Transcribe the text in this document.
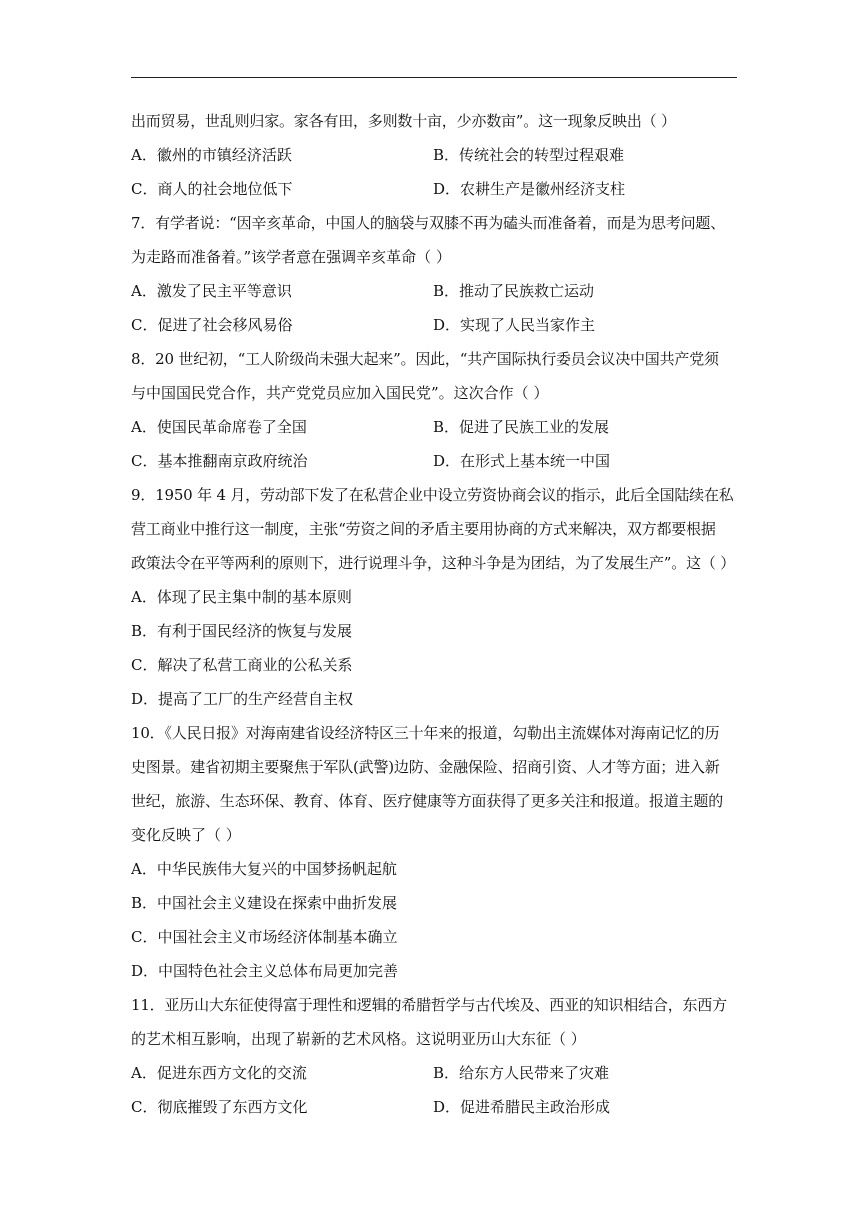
出而贸易，世乱则归家。家各有田，多则数十亩，少亦数亩”。这一现象反映出（ ）
A．徽州的市镇经济活跃	B．传统社会的转型过程艰难
C．商人的社会地位低下	D．农耕生产是徽州经济支柱
7．有学者说：“因辛亥革命，中国人的脑袋与双膝不再为磕头而准备着，而是为思考问题、
为走路而准备着。”该学者意在强调辛亥革命（ ）
A．激发了民主平等意识	B．推动了民族救亡运动
C．促进了社会移风易俗	D．实现了人民当家作主
8．20 世纪初，“工人阶级尚未强大起来”。因此，“共产国际执行委员会议决中国共产党须
与中国国民党合作，共产党党员应加入国民党”。这次合作（ ）
A．使国民革命席卷了全国	B．促进了民族工业的发展
C．基本推翻南京政府统治	D．在形式上基本统一中国
9．1950 年 4 月，劳动部下发了在私营企业中设立劳资协商会议的指示，此后全国陆续在私
营工商业中推行这一制度，主张“劳资之间的矛盾主要用协商的方式来解决，双方都要根据
政策法令在平等两利的原则下，进行说理斗争，这种斗争是为团结，为了发展生产”。这（ ）
A．体现了民主集中制的基本原则
B．有利于国民经济的恢复与发展
C．解决了私营工商业的公私关系
D．提高了工厂的生产经营自主权
10．《人民日报》对海南建省设经济特区三十年来的报道，勾勒出主流媒体对海南记忆的历
史图景。建省初期主要聚焦于军队(武警)边防、金融保险、招商引资、人才等方面；进入新
世纪，旅游、生态环保、教育、体育、医疗健康等方面获得了更多关注和报道。报道主题的
变化反映了（ ）
A．中华民族伟大复兴的中国梦扬帆起航
B．中国社会主义建设在探索中曲折发展
C．中国社会主义市场经济体制基本确立
D．中国特色社会主义总体布局更加完善
11．亚历山大东征使得富于理性和逻辑的希腊哲学与古代埃及、西亚的知识相结合，东西方
的艺术相互影响，出现了崭新的艺术风格。这说明亚历山大东征（ ）
A．促进东西方文化的交流	B．给东方人民带来了灾难
C．彻底摧毁了东西方文化	D．促进希腊民主政治形成
